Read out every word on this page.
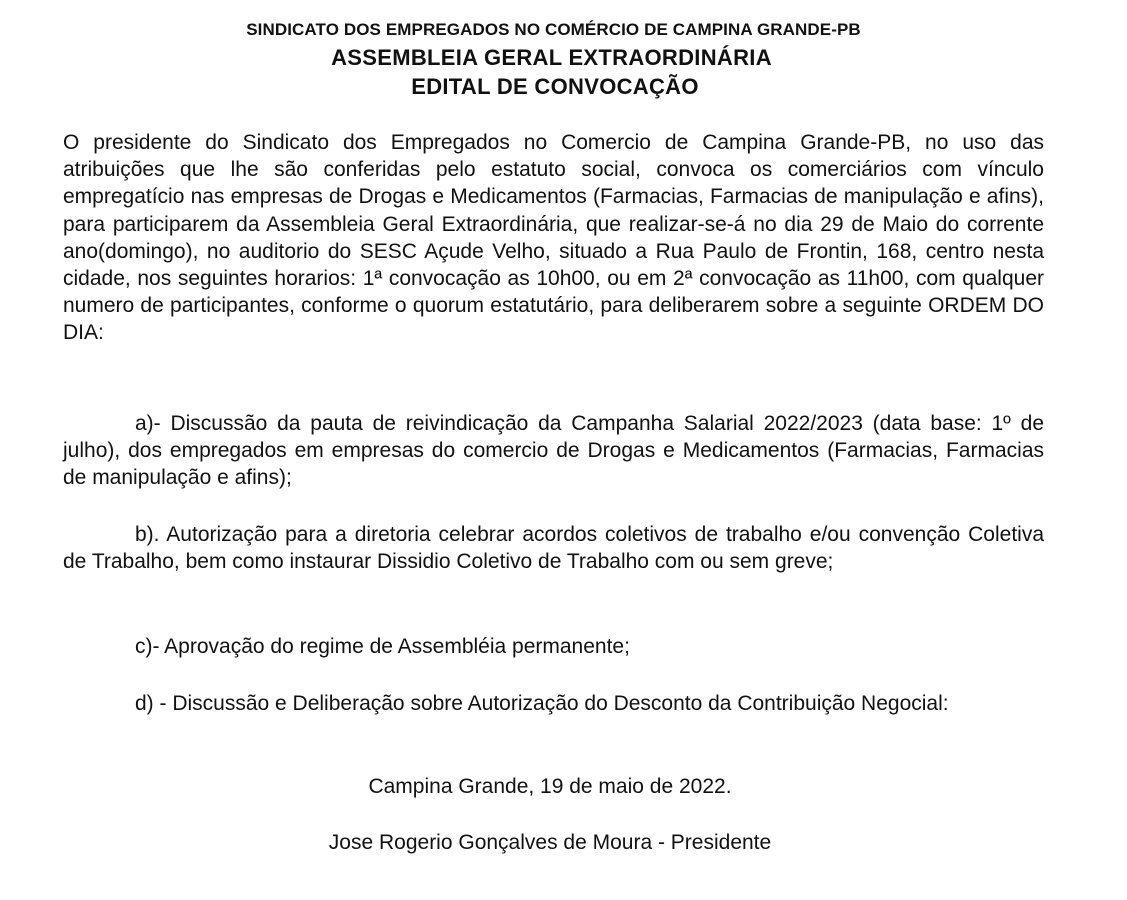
SINDICATO DOS EMPREGADOS NO COMÉRCIO DE CAMPINA GRANDE-PB
ASSEMBLEIA GERAL EXTRAORDINÁRIA
EDITAL DE CONVOCAÇÃO
O presidente do Sindicato dos Empregados no Comercio de Campina Grande-PB, no uso das atribuições que lhe são conferidas pelo estatuto social, convoca os comerciários com vínculo empregatício nas empresas de Drogas e Medicamentos (Farmacias, Farmacias de manipulação e afins), para participarem da Assembleia Geral Extraordinária, que realizar-se-á no dia 29 de Maio do corrente ano(domingo), no auditorio do SESC Açude Velho, situado a Rua Paulo de Frontin, 168, centro nesta cidade, nos seguintes horarios: 1ª convocação as 10h00, ou em 2ª convocação as 11h00, com qualquer numero de participantes, conforme o quorum estatutário, para deliberarem sobre a seguinte ORDEM DO DIA:
a)- Discussão da pauta de reivindicação da Campanha Salarial 2022/2023 (data base: 1º de julho), dos empregados em empresas do comercio de Drogas e Medicamentos (Farmacias, Farmacias de manipulação e afins);
b). Autorização para a diretoria celebrar acordos coletivos de trabalho e/ou convenção Coletiva de Trabalho, bem como instaurar Dissidio Coletivo de Trabalho com ou sem greve;
c)- Aprovação do regime de Assembléia permanente;
d) - Discussão e Deliberação sobre Autorização do Desconto da Contribuição Negocial:
Campina Grande, 19 de maio de 2022.
Jose Rogerio Gonçalves de Moura - Presidente
